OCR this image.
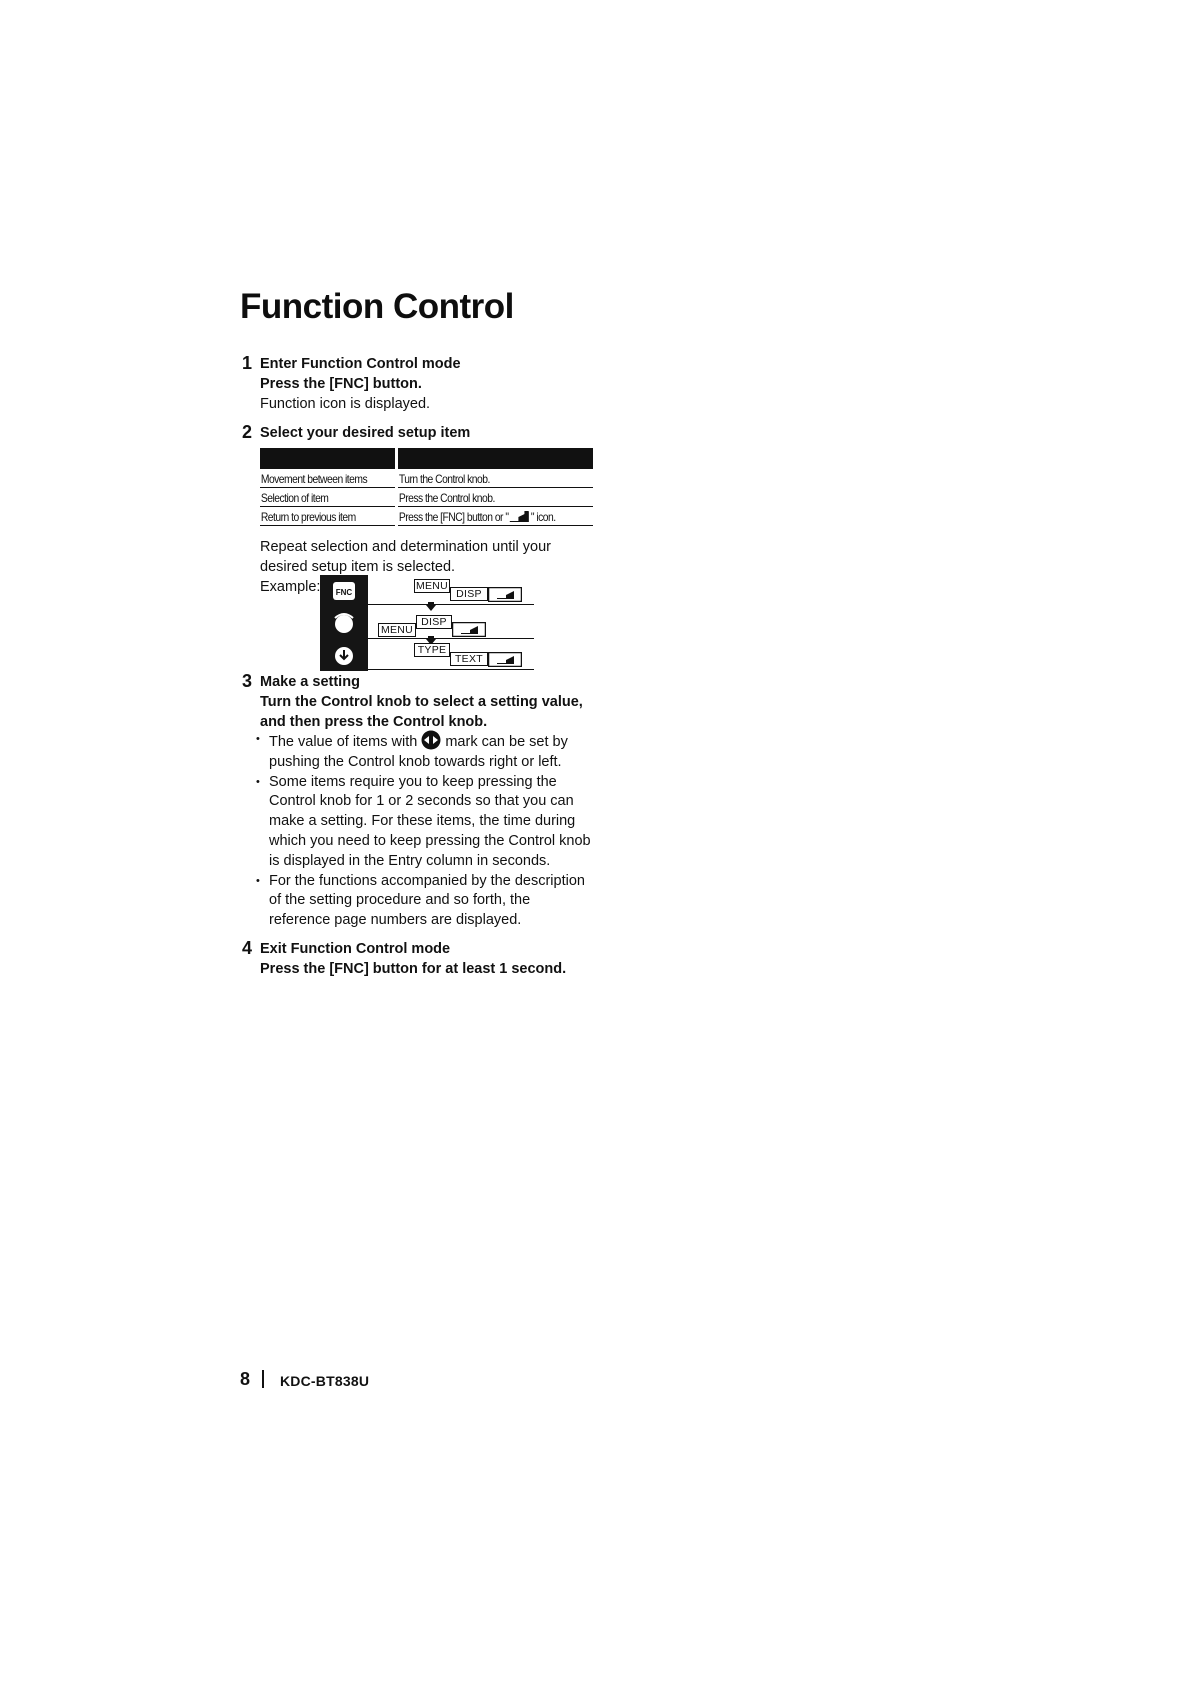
Function Control
1 Enter Function Control mode
Press the [FNC] button.
Function icon is displayed.
2 Select your desired setup item
Movement between items	Turn the Control knob.
Selection of item	Press the Control knob.
Return to previous item	Press the [FNC] button or " " icon.
Repeat selection and determination until your
desired setup item is selected.
Example: FNC
MENU
DISP
MENU
DISP
TYPE
TEXT
3 Make a setting
Turn the Control knob to select a setting value,
and then press the Control knob.
• The value of items with  mark can be set by pushing the Control knob towards right or left.
• Some items require you to keep pressing the Control knob for 1 or 2 seconds so that you can make a setting. For these items, the time during which you need to keep pressing the Control knob is displayed in the Entry column in seconds.
• For the functions accompanied by the description of the setting procedure and so forth, the reference page numbers are displayed.
4 Exit Function Control mode
Press the [FNC] button for at least 1 second.
8 KDC-BT838U
